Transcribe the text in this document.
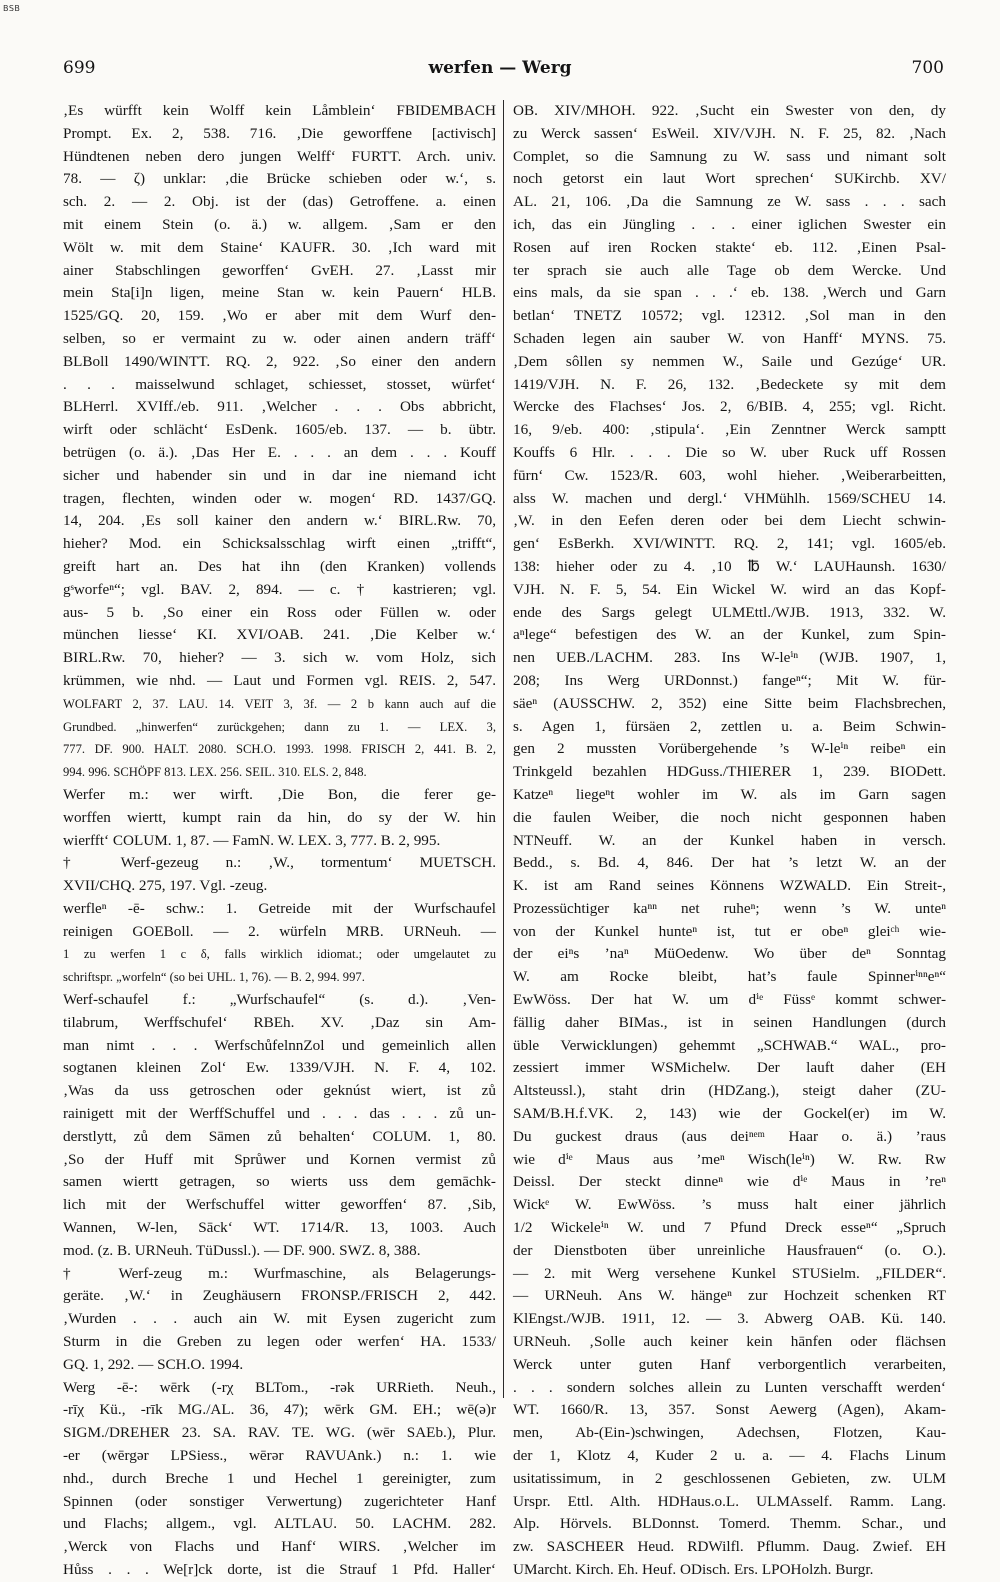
BSB
699	werfen — Werg	700
‚Es würfft kein Wolff kein Låmblein‘ FBIDEMBACH
Prompt. Ex. 2, 538. 716. ‚Die geworffene [activisch]
Hündtenen neben dero jungen Welff‘ FURTT. Arch. univ.
78. — ζ) unklar: ‚die Brücke schieben oder w.‘, s.
sch. 2. — 2. Obj. ist der (das) Getroffene. a. einen
mit einem Stein (o. ä.) w. allgem. ‚Sam er den
Wölt w. mit dem Staine‘ KAUFR. 30. ‚Ich ward mit
ainer Stabschlingen geworffen‘ GvEH. 27. ‚Lasst mir
mein Sta[i]n ligen, meine Stan w. kein Pauern‘ HLB.
1525/GQ. 20, 159. ‚Wo er aber mit dem Wurf den-
selben, so er vermaint zu w. oder ainen andern träff‘
BLBoll 1490/WINTT. RQ. 2, 922. ‚So einer den andern
. . . maisselwund schlaget, schiesset, stosset, würfet‘
BLHerrl. XVIff./eb. 911. ‚Welcher . . . Obs abbricht,
wirft oder schlächt‘ EsDenk. 1605/eb. 137. — b. übtr.
betrügen (o. ä.). ‚Das Her E. . . . an dem . . . Kouff
sicher und habender sin und in dar ine niemand icht
tragen, flechten, winden oder w. mogen‘ RD. 1437/GQ.
14, 204. ‚Es soll kainer den andern w.‘ BIRL.Rw. 70,
hieher? Mod. ein Schicksalsschlag wirft einen „trifft“,
greift hart an. Des hat ihn (den Kranken) vollends
gˢworfeⁿ“; vgl. BAV. 2, 894. — c. † kastrieren; vgl.
aus- 5 b. ‚So einer ein Ross oder Füllen w. oder
münchen liesse‘ KI. XVI/OAB. 241. ‚Die Kelber w.‘
BIRL.Rw. 70, hieher? — 3. sich w. vom Holz, sich
krümmen, wie nhd. — Laut und Formen vgl. REIS. 2, 547.
WOLFART 2, 37. LAU. 14. VEIT 3, 3f. — 2 b kann auch auf die
Grundbed. „hinwerfen“ zurückgehen; dann zu 1. — LEX. 3,
777. DF. 900. HALT. 2080. SCH.O. 1993. 1998. FRISCH 2, 441. B. 2,
994. 996. SCHÖPF 813. LEX. 256. SEIL. 310. ELS. 2, 848.
Werfer m.: wer wirft. ‚Die Bon, die ferer ge-
worffen wiertt, kumpt rain da hin, do sy der W. hin
wierfft‘ COLUM. 1, 87. — FamN. W. LEX. 3, 777. B. 2, 995.
† Werf-gezeug n.: ‚W., tormentum‘ MUETSCH.
XVII/CHQ. 275, 197. Vgl. -zeug.
werfleⁿ -ē- schw.: 1. Getreide mit der Wurfschaufel
reinigen GOEBoll. — 2. würfeln MRB. URNeuh. —
1 zu werfen 1 c δ, falls wirklich idiomat.; oder umgelautet zu
schriftspr. „worfeln“ (so bei UHL. 1, 76). — B. 2, 994. 997.
Werf-schaufel f.: „Wurfschaufel“ (s. d.). ‚Ven-
tilabrum, Werffschufel‘ RBEh. XV. ‚Daz sin Am-
man nimt . . . WerfschůfelnnZol und gemeinlich allen
sogtanen kleinen Zol‘ Ew. 1339/VJH. N. F. 4, 102.
‚Was da uss getroschen oder geknúst wiert, ist zů
rainigett mit der WerffSchuffel und . . . das . . . zů un-
derstlytt, zů dem Sāmen zů behalten‘ COLUM. 1, 80.
‚So der Huff mit Sprůwer und Kornen vermist zů
samen wiertt getragen, so wierts uss dem gemāchk-
lich mit der Werfschuffel witter geworffen‘ 87. ‚Sib,
Wannen, W-len, Sāck‘ WT. 1714/R. 13, 1003. Auch
mod. (z. B. URNeuh. TüDussl.). — DF. 900. SWZ. 8, 388.
† Werf-zeug m.: Wurfmaschine, als Belagerungs-
geräte. ‚W.‘ in Zeughäusern FRONSP./FRISCH 2, 442.
‚Wurden . . . auch ain W. mit Eysen zugericht zum
Sturm in die Greben zu legen oder werfen‘ HA. 1533/
GQ. 1, 292. — SCH.O. 1994.
Werg -ē-: wērk (-rχ BLTom., -rək URRieth. Neuh.,
-rīχ Kü., -rīk MG./AL. 36, 47); wērk GM. EH.; wē(ə)r
SIGM./DREHER 23. SA. RAV. TE. WG. (wēr SAEb.), Plur.
-er (wērgər LPSiess., wērər RAVUAnk.) n.: 1. wie
nhd., durch Breche 1 und Hechel 1 gereinigter, zum
Spinnen (oder sonstiger Verwertung) zugerichteter Hanf
und Flachs; allgem., vgl. ALTLAU. 50. LACHM. 282.
‚Werck von Flachs und Hanf‘ WIRS. ‚Welcher im
Hůss . . . We[r]ck dorte, ist die Strauf 1 Pfd. Haller‘
OB. XIV/MHOH. 922. ‚Sucht ein Swester von den, dy
zu Werck sassen‘ EsWeil. XIV/VJH. N. F. 25, 82. ‚Nach
Complet, so die Samnung zu W. sass und nimant solt
noch getorst ein laut Wort sprechen‘ SUKirchb. XV/
AL. 21, 106. ‚Da die Samnung ze W. sass . . . sach
ich, das ein Jüngling . . . einer iglichen Swester ein
Rosen auf iren Rocken stakte‘ eb. 112. ‚Einen Psal-
ter sprach sie auch alle Tage ob dem Wercke. Und
eins mals, da sie span . . .‘ eb. 138. ‚Werch und Garn
betlan‘ TNETZ 10572; vgl. 12312. ‚Sol man in den
Schaden legen ain sauber W. von Hanff‘ MYNS. 75.
‚Dem sôllen sy nemmen W., Saile und Gezúge‘ UR.
1419/VJH. N. F. 26, 132. ‚Bedeckete sy mit dem
Wercke des Flachses‘ Jos. 2, 6/BIB. 4, 255; vgl. Richt.
16, 9/eb. 400: ‚stipula‘. ‚Ein Zenntner Werck samptt
Kouffs 6 Hlr. . . . Die so W. uber Ruck uff Rossen
fūrn‘ Cw. 1523/R. 603, wohl hieher. ‚Weiberarbeitten,
alss W. machen und dergl.‘ VHMühlh. 1569/SCHEU 14.
‚W. in den Eefen deren oder bei dem Liecht schwin-
gen‘ EsBerkh. XVI/WINTT. RQ. 2, 141; vgl. 1605/eb.
138: hieher oder zu 4. ‚10 ℔ W.‘ LAUHaunsh. 1630/
VJH. N. F. 5, 54. Ein Wickel W. wird an das Kopf-
ende des Sargs gelegt ULMEttl./WJB. 1913, 332. W.
aⁿlege“ befestigen des W. an der Kunkel, zum Spin-
nen UEB./LACHM. 283. Ins W-leⁱⁿ (WJB. 1907, 1,
208; Ins Werg URDonnst.) fangeⁿ“; Mit W. für-
säeⁿ (AUSSCHW. 2, 352) eine Sitte beim Flachsbrechen,
s. Agen 1, fürsäen 2, zettlen u. a. Beim Schwin-
gen 2 mussten Vorübergehende ’s W-leⁱⁿ reibeⁿ ein
Trinkgeld bezahlen HDGuss./THIERER 1, 239. BIODett.
Katzeⁿ liegeⁿt wohler im W. als im Garn sagen
die faulen Weiber, die noch nicht gesponnen haben
NTNeuff. W. an der Kunkel haben in versch.
Bedd., s. Bd. 4, 846. Der hat ’s letzt W. an der
K. ist am Rand seines Könnens WZWALD. Ein Streit-,
Prozessüchtiger kaⁿⁿ net ruheⁿ; wenn ’s W. unteⁿ
von der Kunkel hunteⁿ ist, tut er obeⁿ gleiᶜʰ wie-
der eiⁿs ’naⁿ MüOedenw. Wo über deⁿ Sonntag
W. am Rocke bleibt, hat’s faule Spinnerⁱⁿⁿeⁿ“
EwWöss. Der hat W. um dⁱᵉ Füssᵉ kommt schwer-
fällig daher BIMas., ist in seinen Handlungen (durch
üble Verwicklungen) gehemmt „SCHWAB.“ WAL., pro-
zessiert immer WSMichelw. Der lauft daher (EH
Altsteussl.), staht drin (HDZang.), steigt daher (ZU-
SAM/B.H.f.VK. 2, 143) wie der Gockel(er) im W.
Du guckest draus (aus deiⁿᵉᵐ Haar o. ä.) ’raus
wie dⁱᵉ Maus aus ’meⁿ Wisch(leⁱⁿ) W. Rw. Rw
Deissl. Der steckt dinneⁿ wie dⁱᵉ Maus in ’reⁿ
Wickᵉ W. EwWöss. ’s muss halt einer jährlich
1/2 Wickeleⁱⁿ W. und 7 Pfund Dreck esseⁿ“ „Spruch
der Dienstboten über unreinliche Hausfrauen“ (o. O.).
— 2. mit Werg versehene Kunkel STUSielm. „FILDER“.
— URNeuh. Ans W. hängeⁿ zur Hochzeit schenken RT
KlEngst./WJB. 1911, 12. — 3. Abwerg OAB. Kü. 140.
URNeuh. ‚Solle auch keiner kein hānfen oder flächsen
Werck unter guten Hanf verborgentlich verarbeiten,
. . . sondern solches allein zu Lunten verschafft werden‘
WT. 1660/R. 13, 357. Sonst Aewerg (Agen), Akam-
men, Ab-(Ein-)schwingen, Adechsen, Flotzen, Kau-
der 1, Klotz 4, Kuder 2 u. a. — 4. Flachs Linum
usitatissimum, in 2 geschlossenen Gebieten, zw. ULM
Urspr. Ettl. Alth. HDHaus.o.L. ULMAsself. Ramm. Lang.
Alp. Hörvels. BLDonnst. Tomerd. Themm. Schar., und
zw. SASCHEER Heud. RDWilfl. Pflumm. Daug. Zwief. EH
UMarcht. Kirch. Eh. Heuf. ODisch. Ers. LPOHolzh. Burgr.
